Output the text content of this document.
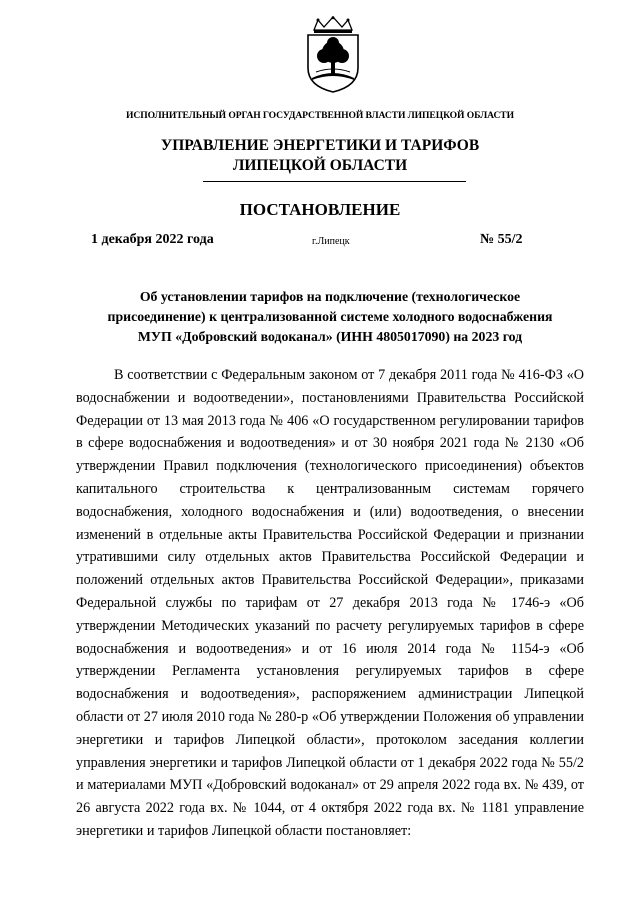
ИСПОЛНИТЕЛЬНЫЙ ОРГАН ГОСУДАРСТВЕННОЙ ВЛАСТИ ЛИПЕЦКОЙ ОБЛАСТИ
УПРАВЛЕНИЕ ЭНЕРГЕТИКИ И ТАРИФОВ
ЛИПЕЦКОЙ ОБЛАСТИ
ПОСТАНОВЛЕНИЕ
1 декабря 2022 года	г.Липецк	№ 55/2
Об установлении тарифов на подключение (технологическое
присоединение) к централизованной системе холодного водоснабжения
МУП «Добровский водоканал» (ИНН 4805017090) на 2023 год
В соответствии с Федеральным законом от 7 декабря 2011 года № 416-ФЗ «О водоснабжении и водоотведении», постановлениями Правительства Российской Федерации от 13 мая 2013 года № 406 «О государственном регулировании тарифов в сфере водоснабжения и водоотведения» и от 30 ноября 2021 года № 2130 «Об утверждении Правил подключения (технологического присоединения) объектов капитального строительства к централизованным системам горячего водоснабжения, холодного водоснабжения и (или) водоотведения, о внесении изменений в отдельные акты Правительства Российской Федерации и признании утратившими силу отдельных актов Правительства Российской Федерации и положений отдельных актов Правительства Российской Федерации», приказами Федеральной службы по тарифам от 27 декабря 2013 года № 1746-э «Об утверждении Методических указаний по расчету регулируемых тарифов в сфере водоснабжения и водоотведения» и от 16 июля 2014 года № 1154-э «Об утверждении Регламента установления регулируемых тарифов в сфере водоснабжения и водоотведения», распоряжением администрации Липецкой области от 27 июля 2010 года № 280-р «Об утверждении Положения об управлении энергетики и тарифов Липецкой области», протоколом заседания коллегии управления энергетики и тарифов Липецкой области от 1 декабря 2022 года № 55/2 и материалами МУП «Добровский водоканал» от 29 апреля 2022 года вх. № 439, от 26 августа 2022 года вх. № 1044, от 4 октября 2022 года вх. № 1181 управление энергетики и тарифов Липецкой области постановляет:
